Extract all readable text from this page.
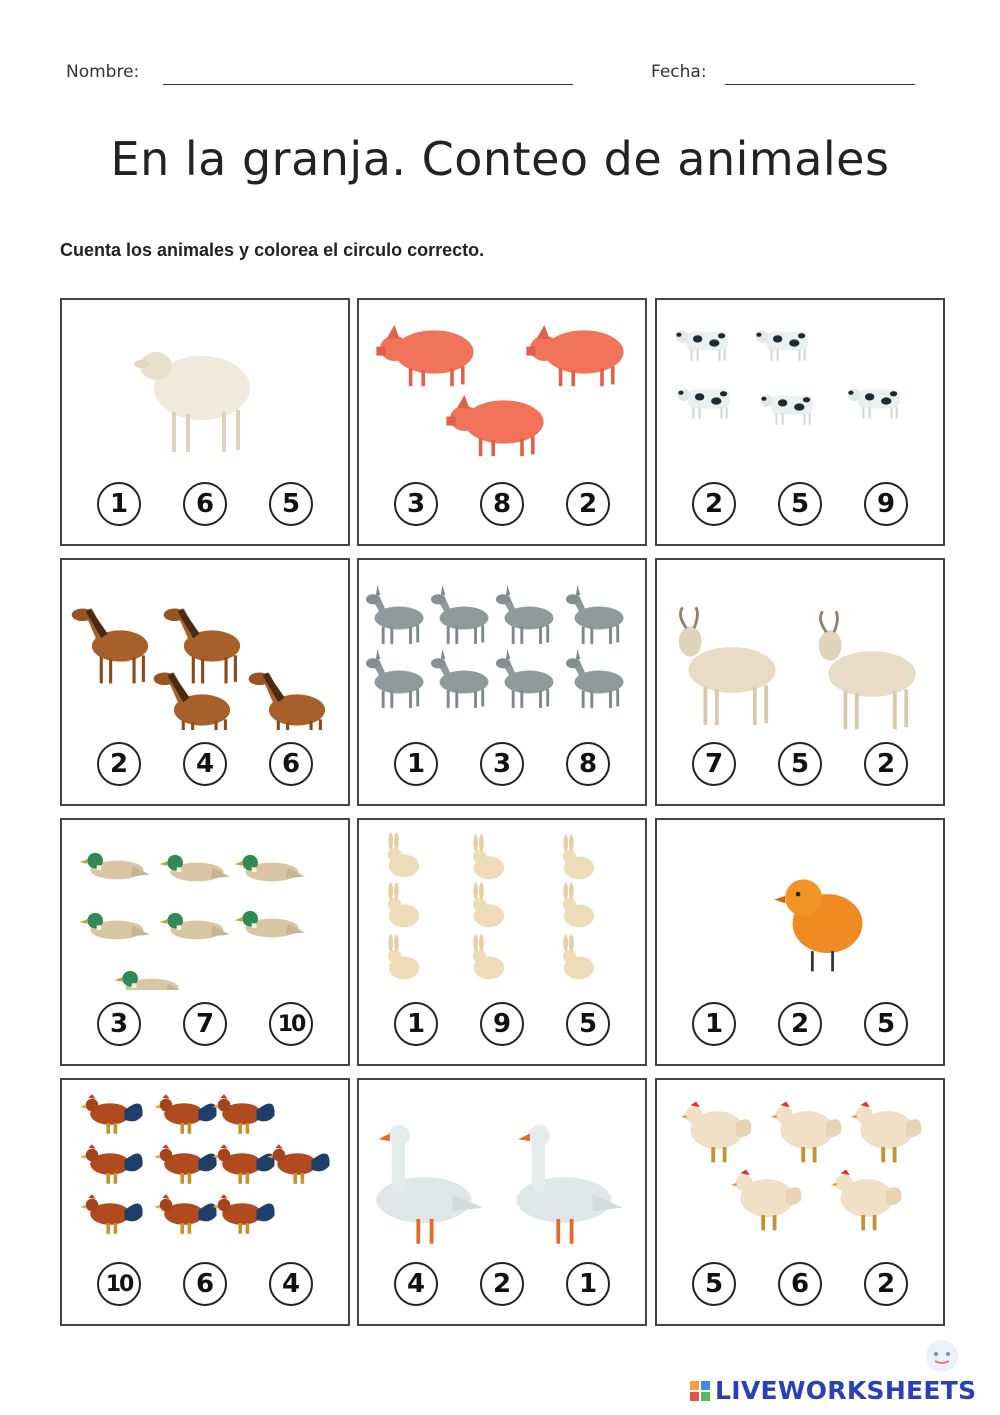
Nombre:	Fecha:
En la granja. Conteo de animales

Cuenta los animales y colorea el circulo correcto.

1	6	5	3	8	2	2	5	9
2	4	6	1	3	8	7	5	2
3	7	10	1	9	5	1	2	5
10	6	4	4	2	1	5	6	2
LIVEWORKSHEETS
